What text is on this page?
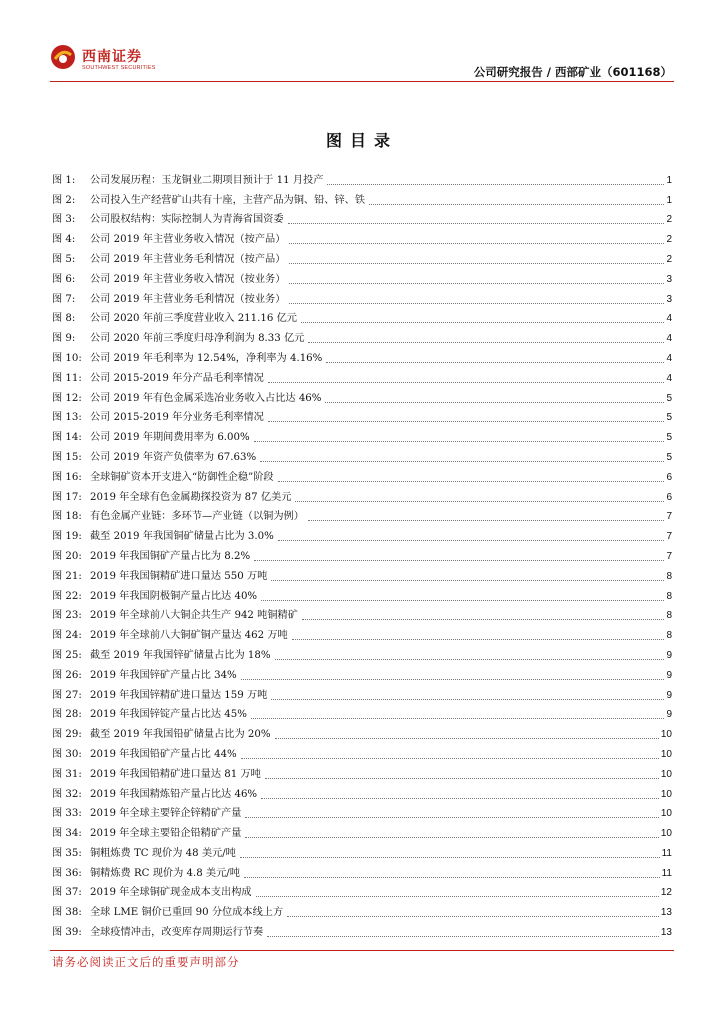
西南证券
SOUTHWEST SECURITIES	公司研究报告 / 西部矿业（601168）
图目录
图 1:	公司发展历程：玉龙铜业二期项目预计于 11 月投产	1
图 2:	公司投入生产经营矿山共有十座，主营产品为铜、铅、锌、铁	1
图 3:	公司股权结构：实际控制人为青海省国资委	2
图 4:	公司 2019 年主营业务收入情况（按产品）	2
图 5:	公司 2019 年主营业务毛利情况（按产品）	2
图 6:	公司 2019 年主营业务收入情况（按业务）	3
图 7:	公司 2019 年主营业务毛利情况（按业务）	3
图 8:	公司 2020 年前三季度营业收入 211.16 亿元	4
图 9:	公司 2020 年前三季度归母净利润为 8.33 亿元	4
图 10: 公司 2019 年毛利率为 12.54%，净利率为 4.16%	4
图 11: 公司 2015-2019 年分产品毛利率情况	4
图 12: 公司 2019 年有色金属采选冶业务收入占比达 46%	5
图 13: 公司 2015-2019 年分业务毛利率情况	5
图 14: 公司 2019 年期间费用率为 6.00%	5
图 15: 公司 2019 年资产负债率为 67.63%	5
图 16: 全球铜矿资本开支进入“防御性企稳”阶段	6
图 17: 2019 年全球有色金属勘探投资为 87 亿美元	6
图 18: 有色金属产业链：多环节—产业链（以铜为例）	7
图 19: 截至 2019 年我国铜矿储量占比为 3.0%	7
图 20: 2019 年我国铜矿产量占比为 8.2%	7
图 21: 2019 年我国铜精矿进口量达 550 万吨	8
图 22: 2019 年我国阴极铜产量占比达 40%	8
图 23: 2019 年全球前八大铜企共生产 942 吨铜精矿	8
图 24: 2019 年全球前八大铜矿铜产量达 462 万吨	8
图 25: 截至 2019 年我国锌矿储量占比为 18%	9
图 26: 2019 年我国锌矿产量占比 34%	9
图 27: 2019 年我国锌精矿进口量达 159 万吨	9
图 28: 2019 年我国锌锭产量占比达 45%	9
图 29: 截至 2019 年我国铅矿储量占比为 20%	10
图 30: 2019 年我国铅矿产量占比 44%	10
图 31: 2019 年我国铅精矿进口量达 81 万吨	10
图 32: 2019 年我国精炼铅产量占比达 46%	10
图 33: 2019 年全球主要锌企锌精矿产量	10
图 34: 2019 年全球主要铅企铅精矿产量	10
图 35: 铜粗炼费 TC 现价为 48 美元/吨	11
图 36: 铜精炼费 RC 现价为 4.8 美元/吨	11
图 37: 2019 年全球铜矿现金成本支出构成	12
图 38: 全球 LME 铜价已重回 90 分位成本线上方	13
图 39: 全球疫情冲击，改变库存周期运行节奏	13
请务必阅读正文后的重要声明部分
